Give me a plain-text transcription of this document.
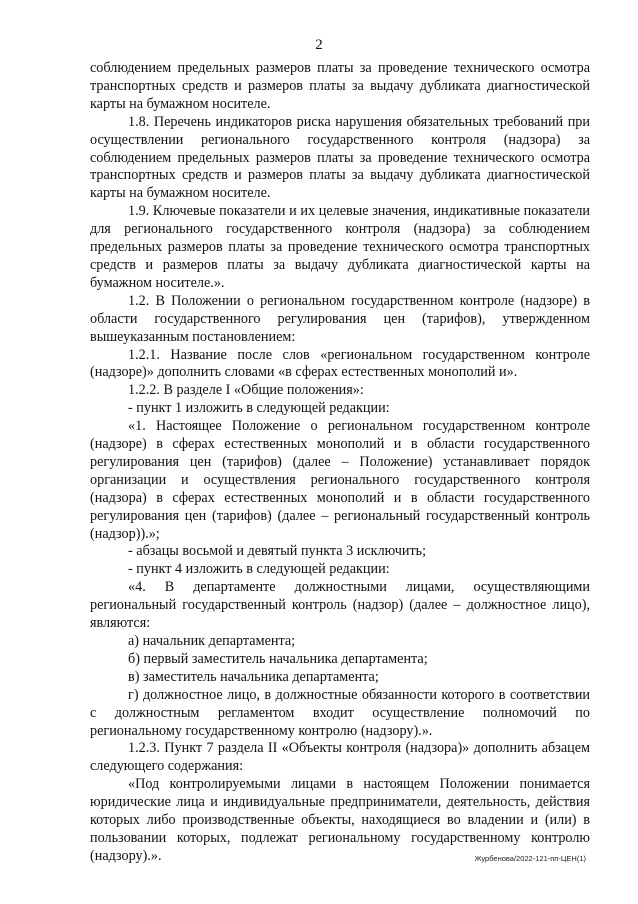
2

соблюдением предельных размеров платы за проведение технического осмотра транспортных средств и размеров платы за выдачу дубликата диагностической карты на бумажном носителе.

1.8. Перечень индикаторов риска нарушения обязательных требований при осуществлении регионального государственного контроля (надзора) за соблюдением предельных размеров платы за проведение технического осмотра транспортных средств и размеров платы за выдачу дубликата диагностической карты на бумажном носителе.

1.9. Ключевые показатели и их целевые значения, индикативные показатели для регионального государственного контроля (надзора) за соблюдением предельных размеров платы за проведение технического осмотра транспортных средств и размеров платы за выдачу дубликата диагностической карты на бумажном носителе.».

1.2. В Положении о региональном государственном контроле (надзоре) в области государственного регулирования цен (тарифов), утвержденном вышеуказанным постановлением:

1.2.1. Название после слов «региональном государственном контроле (надзоре)» дополнить словами «в сферах естественных монополий и».

1.2.2. В разделе I «Общие положения»:

- пункт 1 изложить в следующей редакции:

«1. Настоящее Положение о региональном государственном контроле (надзоре) в сферах естественных монополий и в области государственного регулирования цен (тарифов) (далее – Положение) устанавливает порядок организации и осуществления регионального государственного контроля (надзора) в сферах естественных монополий и в области государственного регулирования цен (тарифов) (далее – региональный государственный контроль (надзор)).»;

- абзацы восьмой и девятый пункта 3 исключить;

- пункт 4 изложить в следующей редакции:

«4. В департаменте должностными лицами, осуществляющими региональный государственный контроль (надзор) (далее – должностное лицо), являются:

а) начальник департамента;

б) первый заместитель начальника департамента;

в) заместитель начальника департамента;

г) должностное лицо, в должностные обязанности которого в соответствии с должностным регламентом входит осуществление полномочий по региональному государственному контролю (надзору).».

1.2.3. Пункт 7 раздела II «Объекты контроля (надзора)» дополнить абзацем следующего содержания:

«Под контролируемыми лицами в настоящем Положении понимается юридические лица и индивидуальные предприниматели, деятельность, действия которых либо производственные объекты, находящиеся во владении и (или) в пользовании которых, подлежат региональному государственному контролю (надзору).».	Журбенова/2022-121-пп-ЦЕН(1)
